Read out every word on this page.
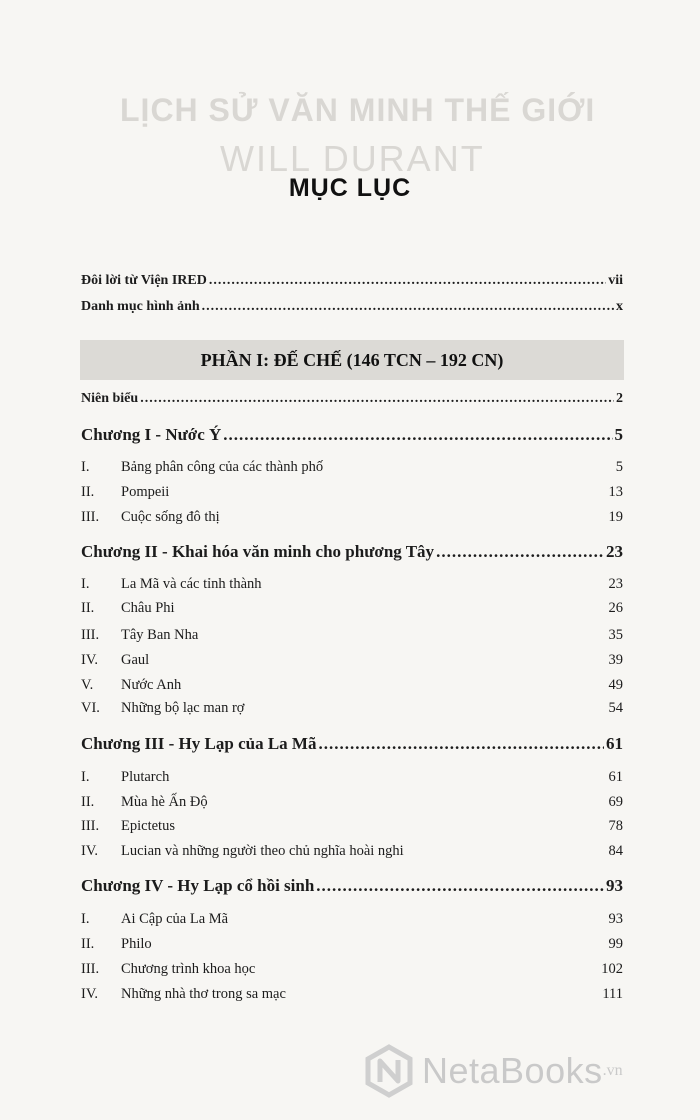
LỊCH SỬ VĂN MINH THẾ GIỚI
WILL DURANT
MỤC LỤC
Đôi lời từ Viện IRED .....	vii
Danh mục hình ảnh .....	x
PHẦN I: ĐẾ CHẾ (146 TCN – 192 CN)
Niên biểu .....	2
Chương I - Nước Ý .....	5
I.	Bảng phân công của các thành phố	5
II.	Pompeii	13
III.	Cuộc sống đô thị	19
Chương II - Khai hóa văn minh cho phương Tây .....	23
I.	La Mã và các tỉnh thành	23
II.	Châu Phi	26
III.	Tây Ban Nha	35
IV.	Gaul	39
V.	Nước Anh	49
VI.	Những bộ lạc man rợ	54
Chương III - Hy Lạp của La Mã .....	61
I.	Plutarch	61
II.	Mùa hè Ấn Độ	69
III.	Epictetus	78
IV.	Lucian và những người theo chủ nghĩa hoài nghi	84
Chương IV - Hy Lạp cổ hồi sinh .....	93
I.	Ai Cập của La Mã	93
II.	Philo	99
III.	Chương trình khoa học	102
IV.	Những nhà thơ trong sa mạc	111
NetaBooks .vn
